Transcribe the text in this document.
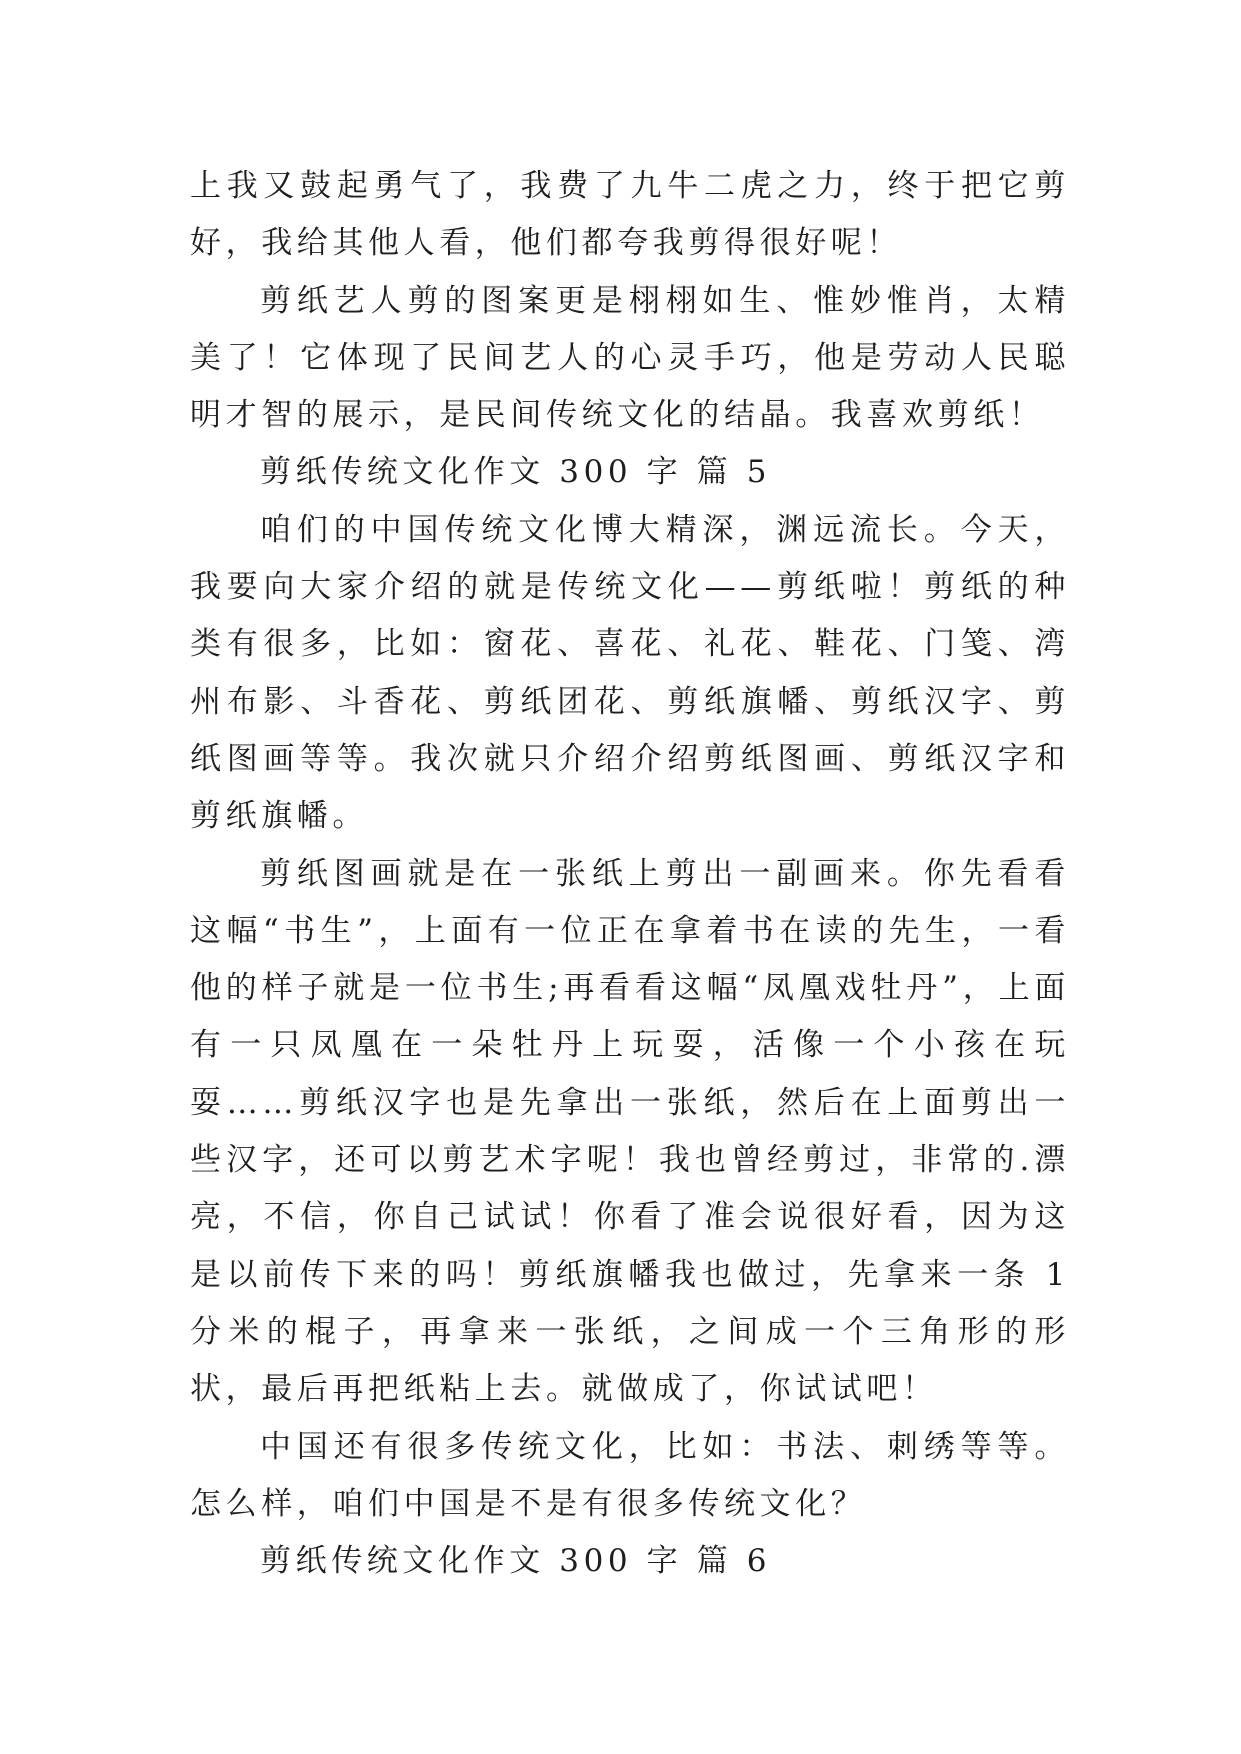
上我又鼓起勇气了，我费了九牛二虎之力，终于把它剪好，我给其他人看，他们都夸我剪得很好呢！

剪纸艺人剪的图案更是栩栩如生、惟妙惟肖，太精美了！它体现了民间艺人的心灵手巧，他是劳动人民聪明才智的展示，是民间传统文化的结晶。我喜欢剪纸！

剪纸传统文化作文 300 字 篇 5

咱们的中国传统文化博大精深，渊远流长。今天，我要向大家介绍的就是传统文化——剪纸啦！剪纸的种类有很多，比如：窗花、喜花、礼花、鞋花、门笺、湾州布影、斗香花、剪纸团花、剪纸旗幡、剪纸汉字、剪纸图画等等。我次就只介绍介绍剪纸图画、剪纸汉字和剪纸旗幡。

剪纸图画就是在一张纸上剪出一副画来。你先看看这幅“书生”，上面有一位正在拿着书在读的先生，一看他的样子就是一位书生;再看看这幅“凤凰戏牡丹”，上面有一只凤凰在一朵牡丹上玩耍，活像一个小孩在玩耍……剪纸汉字也是先拿出一张纸，然后在上面剪出一些汉字，还可以剪艺术字呢！我也曾经剪过，非常的.漂亮，不信，你自己试试！你看了准会说很好看，因为这是以前传下来的吗！剪纸旗幡我也做过，先拿来一条 1 分米的棍子，再拿来一张纸，之间成一个三角形的形状，最后再把纸粘上去。就做成了，你试试吧！

中国还有很多传统文化，比如：书法、刺绣等等。怎么样，咱们中国是不是有很多传统文化？

剪纸传统文化作文 300 字 篇 6
